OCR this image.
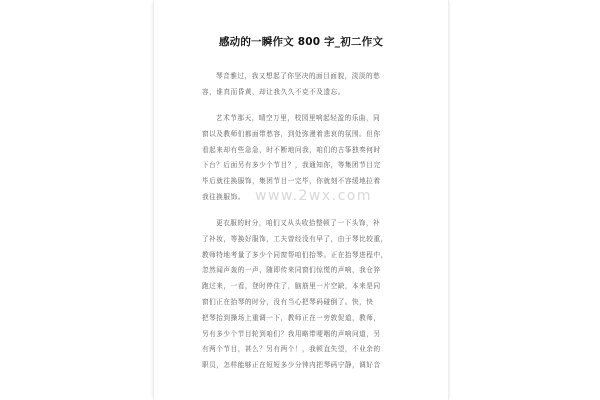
感动的一瞬作文 800 字_初二作文
琴音雅过，我又想起了你坚决的面目面貌，淡淡的愁
容，谁真而昏黄，却让我久久不克不及遗忘。
艺术节那天，晴空万里，校园里响起轻盈的乐曲，同
窗以及教师们都面带愁容，到处弥漫着悲哀的氛围。但你
看起来却有些急急，时不断地问我，咱们的古筝独奏何时
下台？后面另有多少个节目？，我通知你，等集团节目完
毕后就往换服饰，集团节目一完毕，你就刻不容缓地拉着
我往换服饰。 www.2wx.com
更衣服的时分，咱们又从头收拾整顿了一下头饰，补
了补妆，等换好服饰，工夫曾经没有早了，由于琴比较重，
教师特地考量了多少个同窗帮咱们抬琴。正在抬琴进程中，
忽然闻声轰的一声，随即传来同窗们惊慌的声响，我仓猝
跑过来，一看，登时停住了，脑筋里一片空缺，本来是同
窗们正在抬琴的时分，没有当心把琴码碰倒了。快，快
把琴抬到操场上重调一下，教师正在一旁敦促道，教师，
另有多少个节目轮到咱们？我用略带哽咽的声响问道，另
有两个节目，甚么？另有两个！，我顿直失望，不业余的
职员，怎样能够正在短短多少分钟内把琴码宁静，调好音
